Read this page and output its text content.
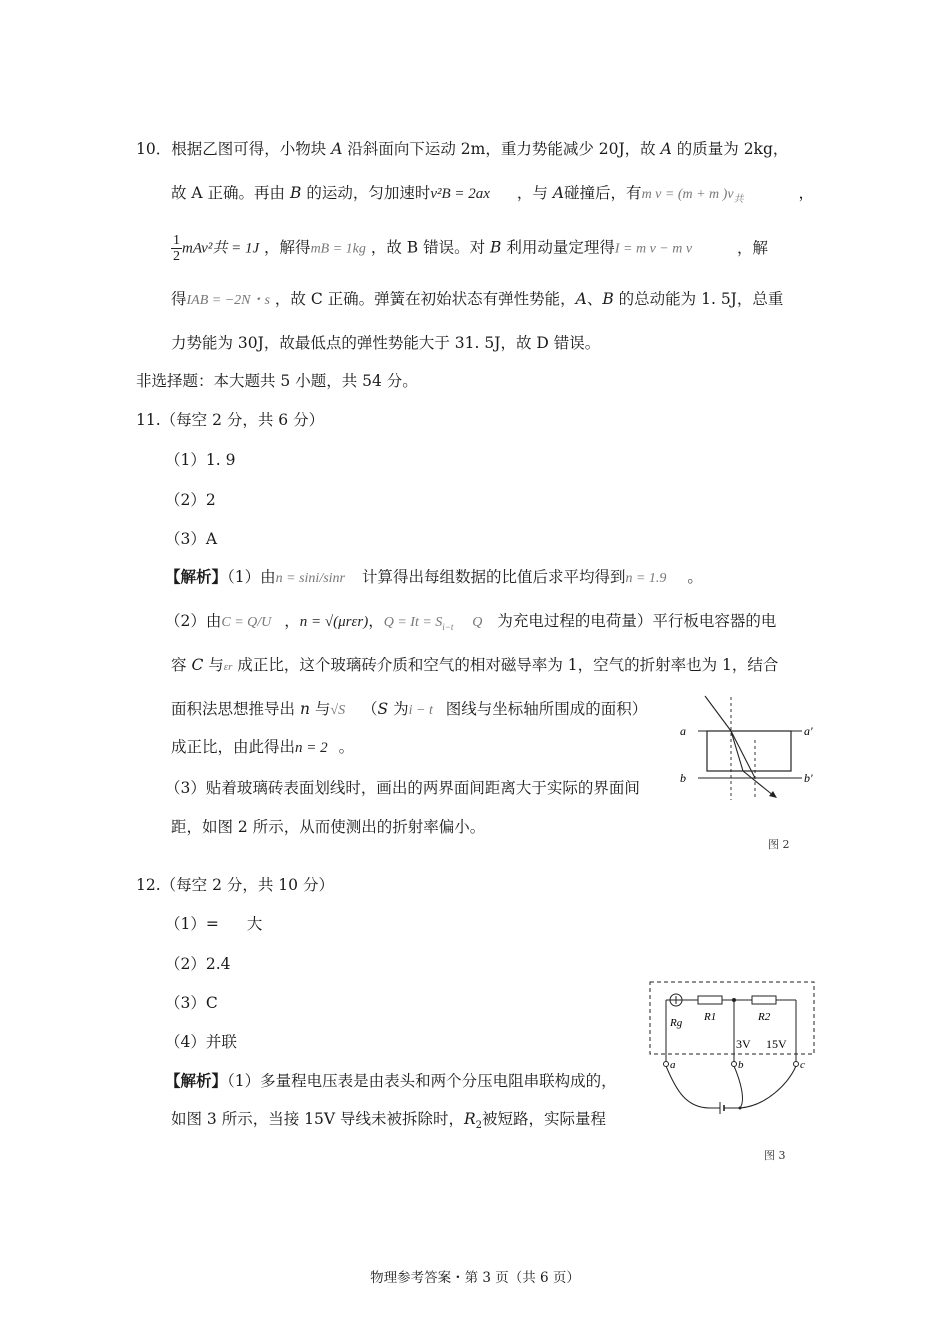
10．根据乙图可得，小物块 A 沿斜面向下运动 2m，重力势能减少 20J，故 A 的质量为 2kg，
故 A 正确。再由 B 的运动，匀加速时v²B = 2ax ，与 A碰撞后，有m v = (m + m )$v_共$	，
$\frac{1}{2} mAv^2$共 = 1J ，解得mB = 1kg ，故 B 错误。对 B 利用动量定理得I = m v − m v	，解
得IAB = −2N・s ，故 C 正确。弹簧在初始状态有弹性势能，A、B 的总动能为 1. 5J，总重
力势能为 30J，故最低点的弹性势能大于 31. 5J，故 D 错误。
非选择题：本大题共 5 小题，共 54 分。
11.（每空 2 分，共 6 分）
（1）1. 9
（2）2
（3）A
【解析】（1）由n = sini/sinr 计算得出每组数据的比值后求平均得到n = 1.9 。
（2）由C = Q/U ，n = √(μrεr)，$Q = It = S_{i-t}$ Q 为充电过程的电荷量）平行板电容器的电
容 C 与εr 成正比，这个玻璃砖介质和空气的相对磁导率为 1，空气的折射率也为 1，结合
面积法思想推导出 n 与√S （S 为i − t 图线与坐标轴所围成的面积）
成正比，由此得出n = 2 。
（3）贴着玻璃砖表面划线时，画出的两界面间距离大于实际的界面间
距，如图 2 所示，从而使测出的折射率偏小。
a	a′
b	b′
图 2
12.（每空 2 分，共 10 分）
（1）= 大
（2）2.4
（3）C
（4）并联
【解析】（1）多量程电压表是由表头和两个分压电阻串联构成的，
如图 3 所示，当接 15V 导线未被拆除时，$R_2$被短路，实际量程
Rg R1	R2
3V 15V
a	b	c
图 3
物理参考答案・第 3 页（共 6 页）
